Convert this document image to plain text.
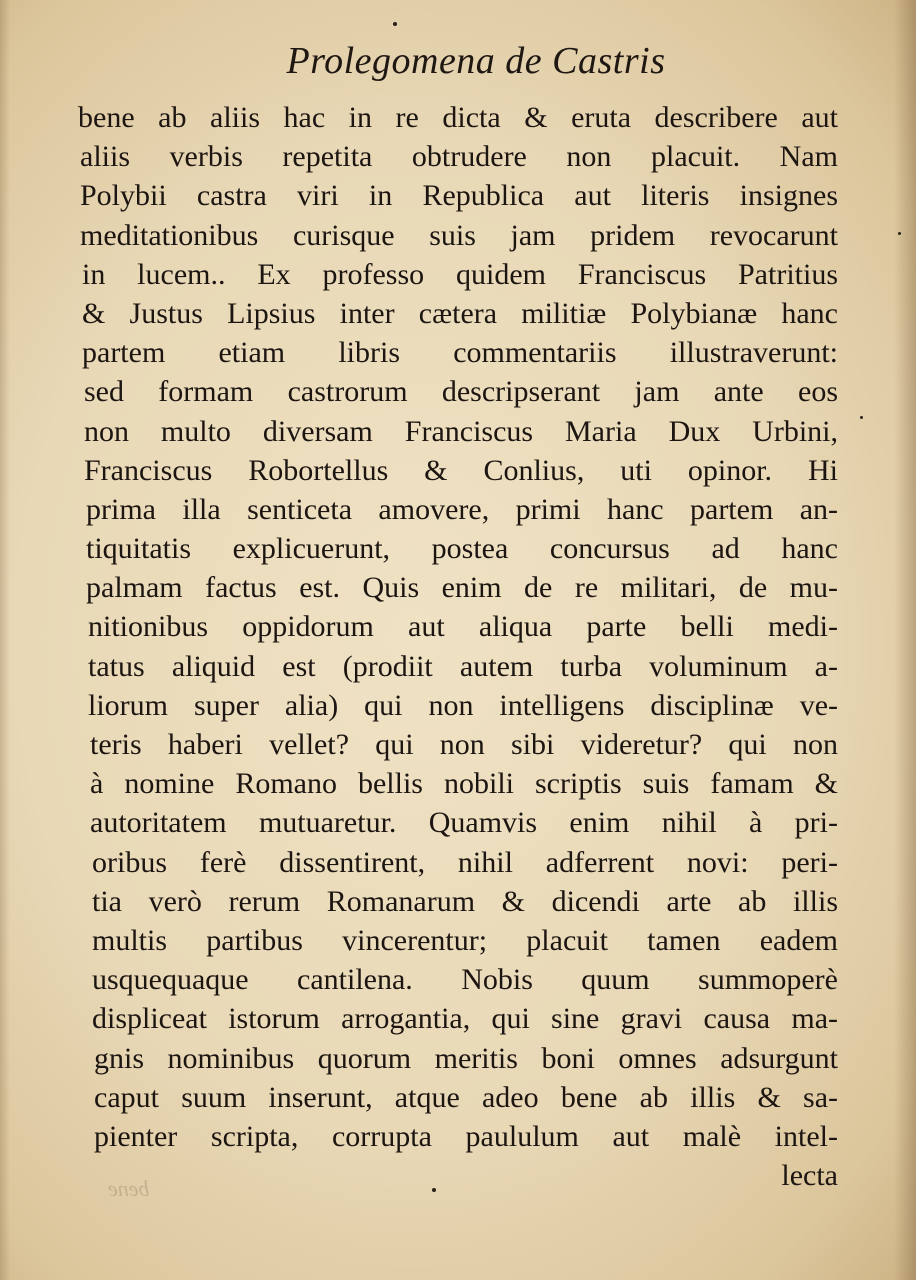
Prolegomena de Castris
bene ab aliis hac in re dicta & eruta describere aut
aliis verbis repetita obtrudere non placuit. Nam
Polybii castra viri in Republica aut literis insignes
meditationibus curisque suis jam pridem revocarunt
in lucem.. Ex professo quidem Franciscus Patritius
& Justus Lipsius inter cætera militiæ Polybianæ hanc
partem etiam libris commentariis illustraverunt:
sed formam castrorum descripserant jam ante eos
non multo diversam Franciscus Maria Dux Urbini,
Franciscus Robortellus & Conlius, uti opinor. Hi
prima illa senticeta amovere, primi hanc partem an-
tiquitatis explicuerunt, postea concursus ad hanc
palmam factus est. Quis enim de re militari, de mu-
nitionibus oppidorum aut aliqua parte belli medi-
tatus aliquid est (prodiit autem turba voluminum a-
liorum super alia) qui non intelligens disciplinæ ve-
teris haberi vellet? qui non sibi videretur? qui non
à nomine Romano bellis nobili scriptis suis famam &
autoritatem mutuaretur. Quamvis enim nihil à pri-
oribus ferè dissentirent, nihil adferrent novi: peri-
tia verò rerum Romanarum & dicendi arte ab illis
multis partibus vincerentur; placuit tamen eadem
usquequaque cantilena. Nobis quum summoperè
displiceat istorum arrogantia, qui sine gravi causa ma-
gnis nominibus quorum meritis boni omnes adsurgunt
caput suum inserunt, atque adeo bene ab illis & sa-
pienter scripta, corrupta paululum aut malè intel-
lecta
bene
